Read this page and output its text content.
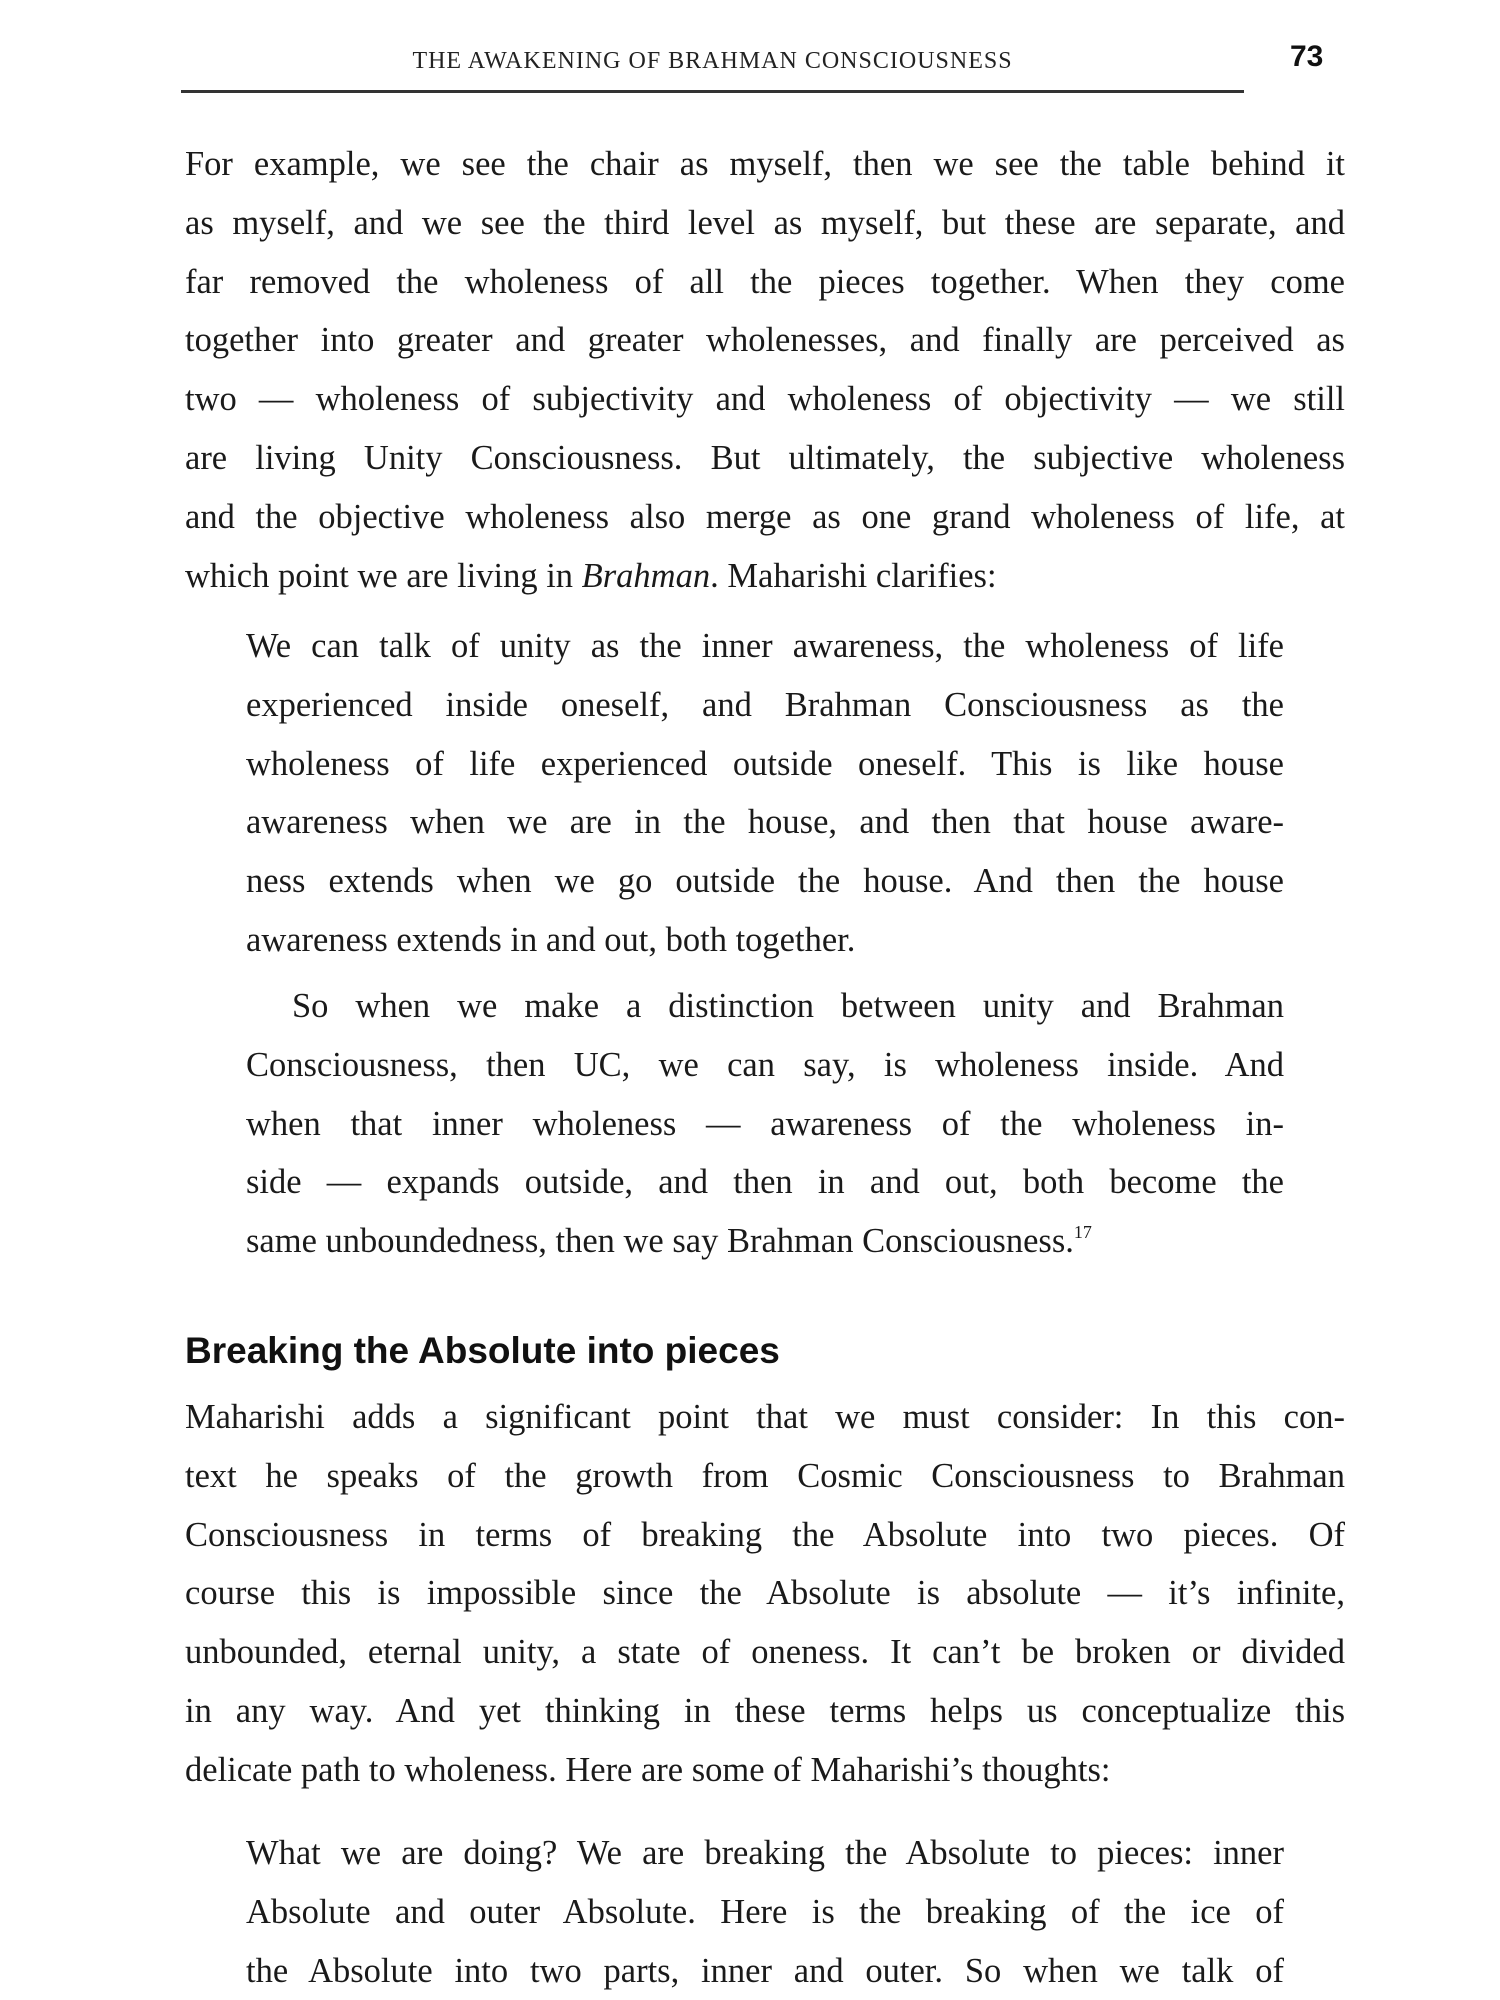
THE AWAKENING OF BRAHMAN CONSCIOUSNESS	73
For example, we see the chair as myself, then we see the table behind it
as myself, and we see the third level as myself, but these are separate, and
far removed the wholeness of all the pieces together. When they come
together into greater and greater wholenesses, and finally are perceived as
two — wholeness of subjectivity and wholeness of objectivity — we still
are living Unity Consciousness. But ultimately, the subjective wholeness
and the objective wholeness also merge as one grand wholeness of life, at
which point we are living in Brahman. Maharishi clarifies:
We can talk of unity as the inner awareness, the wholeness of life
experienced inside oneself, and Brahman Consciousness as the
wholeness of life experienced outside oneself. This is like house
awareness when we are in the house, and then that house aware-
ness extends when we go outside the house. And then the house
awareness extends in and out, both together.
So when we make a distinction between unity and Brahman
Consciousness, then UC, we can say, is wholeness inside. And
when that inner wholeness — awareness of the wholeness in-
side — expands outside, and then in and out, both become the
same unboundedness, then we say Brahman Consciousness.$^{17}$
Breaking the Absolute into pieces
Maharishi adds a significant point that we must consider: In this con-
text he speaks of the growth from Cosmic Consciousness to Brahman
Consciousness in terms of breaking the Absolute into two pieces. Of
course this is impossible since the Absolute is absolute — it’s infinite,
unbounded, eternal unity, a state of oneness. It can’t be broken or divided
in any way. And yet thinking in these terms helps us conceptualize this
delicate path to wholeness. Here are some of Maharishi’s thoughts:
What we are doing? We are breaking the Absolute to pieces: inner
Absolute and outer Absolute. Here is the breaking of the ice of
the Absolute into two parts, inner and outer. So when we talk of
